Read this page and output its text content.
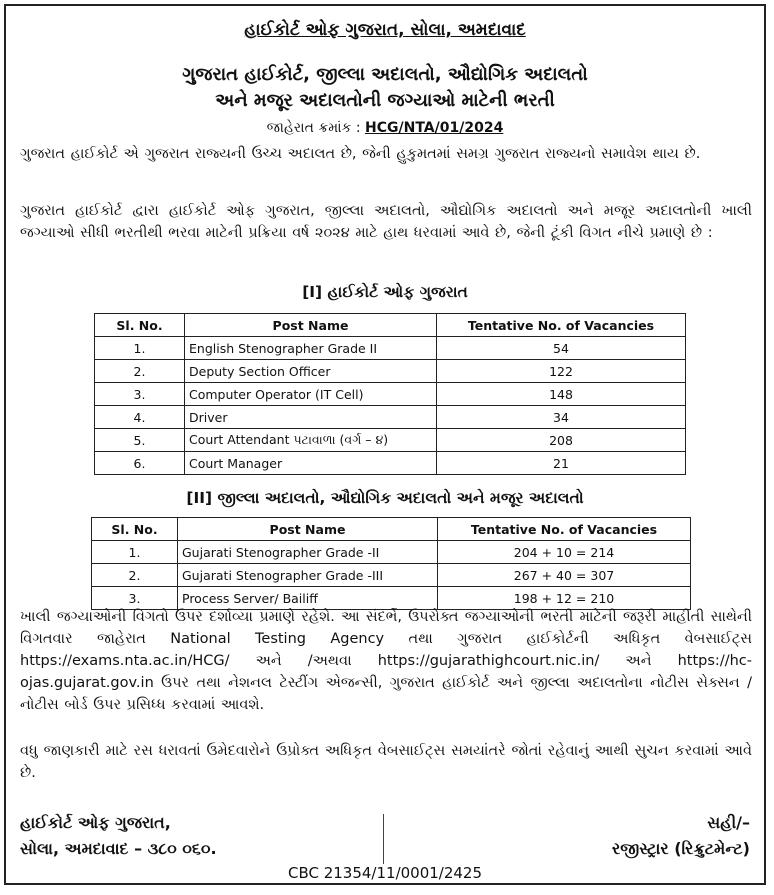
હાઈકોર્ટ ઓફ ગુજરાત, સોલા, અમદાવાદ
ગુજરાત હાઈકોર્ટ, જીલ્લા અદાલતો, ઔદ્યોગિક અદાલતો
અને મજૂર અદાલતોની જગ્યાઓ માટેની ભરતી
જાહેરાત ક્રમાંક : HCG/NTA/01/2024
ગુજરાત હાઈકોર્ટ એ ગુજરાત રાજ્યની ઉચ્ચ અદાલત છે, જેની હુકુમતમાં સમગ્ર ગુજરાત રાજ્યનો સમાવેશ થાય છે.
ગુજરાત હાઈકોર્ટ દ્વારા હાઈકોર્ટ ઓફ ગુજરાત, જીલ્લા અદાલતો, ઔદ્યોગિક અદાલતો અને મજૂર અદાલતોની ખાલી જગ્યાઓ સીધી ભરતીથી ભરવા માટેની પ્રક્રિયા વર્ષ ૨૦૨૪ માટે હાથ ધરવામાં આવે છે, જેની ટૂંકી વિગત નીચે પ્રમાણે છે :
[I] હાઈકોર્ટ ઓફ ગુજરાત
Sl. No.	Post Name	Tentative No. of Vacancies
1.	English Stenographer Grade II	54
2.	Deputy Section Officer	122
3.	Computer Operator (IT Cell)	148
4.	Driver	34
5.	Court Attendant પટાવાળા (વર્ગ – ૪)	208
6.	Court Manager	21
[II] જીલ્લા અદાલતો, ઔદ્યોગિક અદાલતો અને મજૂર અદાલતો
Sl. No.	Post Name	Tentative No. of Vacancies
1.	Gujarati Stenographer Grade -II	204 + 10 = 214
2.	Gujarati Stenographer Grade -III	267 + 40 = 307
3.	Process Server/ Bailiff	198 + 12 = 210
ખાલી જગ્યાઓની વિગતો ઉપર દર્શાવ્યા પ્રમાણે રહેશે. આ સંદર્ભે, ઉપરોક્ત જગ્યાઓની ભરતી માટેની જરૂરી માહીતી સાથેની વિગતવાર જાહેરાત National Testing Agency તથા ગુજરાત હાઈકોર્ટની અધિકૃત વેબસાઈટ્સ https://exams.nta.ac.in/HCG/ અને /અથવા https://gujarathighcourt.nic.in/ અને https://hc-ojas.gujarat.gov.in ઉપર તથા નેશનલ ટેસ્ટીંગ એજન્સી, ગુજરાત હાઈકોર્ટ અને જીલ્લા અદાલતોના નોટીસ સેક્સન / નોટીસ બોર્ડ ઉપર પ્રસિધ્ધ કરવામાં આવશે.
વધુ જાણકારી માટે રસ ધરાવતાં ઉમેદવારોને ઉપ્રોક્ત અધિકૃત વેબસાઈટ્સ સમયાંતરે જોતાં રહેવાનું આથી સુચન કરવામાં આવે છે.
હાઈકોર્ટ ઓફ ગુજરાત,
સોલા, અમદાવાદ – ૩૮૦ ૦૬૦.
સહી/–
રજીસ્ટ્રાર (રિક્રુટમેન્ટ)
CBC 21354/11/0001/2425
